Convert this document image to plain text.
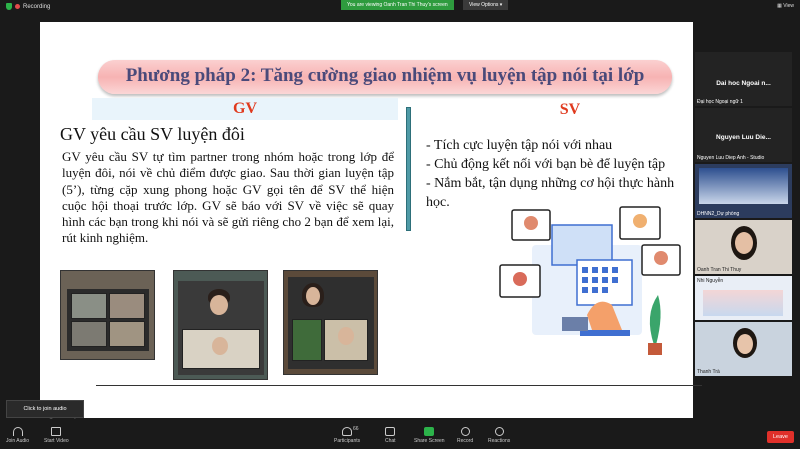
Recording	You are viewing Oanh Tran Thi Thuy's screen	View Options ▾	▦ View
Phương pháp 2: Tăng cường giao nhiệm vụ luyện tập nói tại lớp
GV	SV
GV yêu cầu SV luyện đôi
GV yêu cầu SV tự tìm partner trong nhóm hoặc trong lớp để luyện đôi, nói về chủ điểm được giao. Sau thời gian luyện tập (5’), từng cặp xung phong hoặc GV gọi tên để SV thể hiện cuộc hội thoại trước lớp. GV sẽ báo với SV về việc sẽ quay hình các bạn trong khi nói và sẽ gửi riêng cho 2 bạn để xem lại, rút kinh nghiệm.
- Tích cực luyện tập nói với nhau
- Chủ động kết nối với bạn bè để luyện tập
- Nắm bắt, tận dụng những cơ hội thực hành học.
Dai hoc Ngoai n...
Đại học Ngoại ngữ 1
Nguyen Luu Die...
Nguyen Luu Diep Anh - Studio
DHNN2_Dự phòng
Oanh Tran Thi Thuy
Nhi Nguyễn
Thanh Trà
Click to join audio
Join Audio	Start Video	Participants
66
Chat	Share Screen Record	Reactions
Leave
